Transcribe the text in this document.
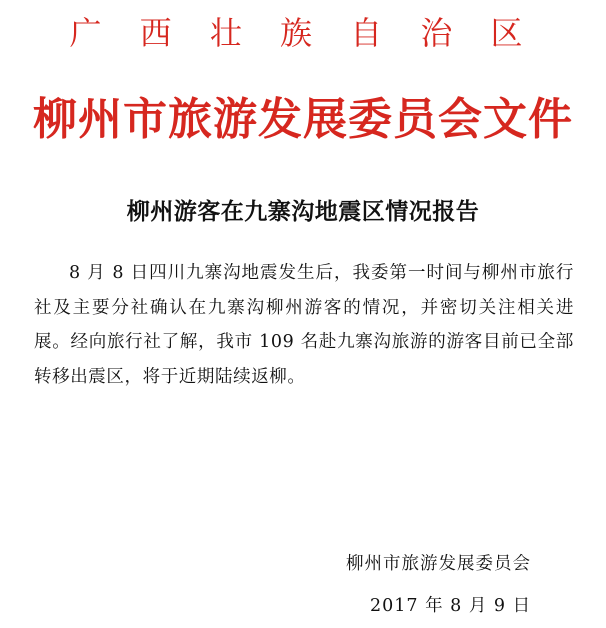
广 西 壮 族 自 治 区
柳州市旅游发展委员会文件
柳州游客在九寨沟地震区情况报告
8 月 8 日四川九寨沟地震发生后，我委第一时间与柳州市旅行社及主要分社确认在九寨沟柳州游客的情况，并密切关注相关进展。经向旅行社了解，我市 109 名赴九寨沟旅游的游客目前已全部转移出震区，将于近期陆续返柳。
柳州市旅游发展委员会
2017 年 8 月 9 日
